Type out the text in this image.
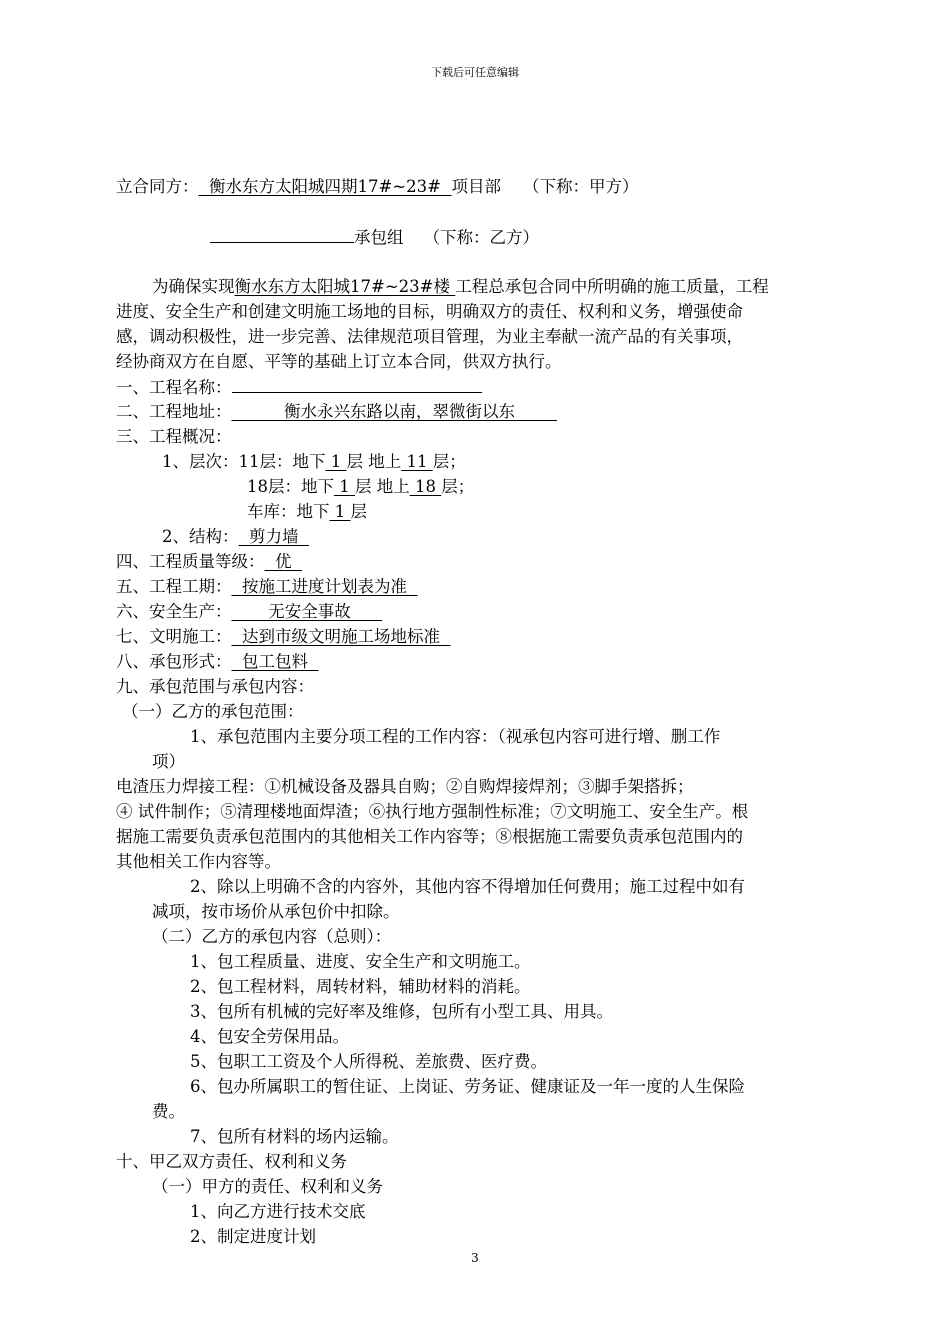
下载后可任意编辑
立合同方：  衡水东方太阳城四期17#~23#  项目部 （下称：甲方）
承包组 （下称：乙方）
为确保实现衡水东方太阳城17#~23#楼 工程总承包合同中所明确的施工质量，工程
进度、安全生产和创建文明施工场地的目标，明确双方的责任、权利和义务，增强使命
感，调动积极性，进一步完善、法律规范项目管理，为业主奉献一流产品的有关事项，
经协商双方在自愿、平等的基础上订立本合同，供双方执行。
一、工程名称：
二、工程地址：          衡水永兴东路以南，翠微街以东
三、工程概况：
1、层次：11层：地下 1 层 地上 11 层；
18层：地下 1 层 地上 18 层；
车库：地下 1 层
2、结构：  剪力墙
四、工程质量等级：  优
五、工程工期：  按施工进度计划表为准
六、安全生产：       无安全事故
七、文明施工：  达到市级文明施工场地标准
八、承包形式：  包工包料
九、承包范围与承包内容：
（一）乙方的承包范围：
1、承包范围内主要分项工程的工作内容：（视承包内容可进行增、删工作
项）
电渣压力焊接工程：①机械设备及器具自购；②自购焊接焊剂；③脚手架搭拆；
④ 试件制作；⑤清理楼地面焊渣；⑥执行地方强制性标准；⑦文明施工、安全生产。根
据施工需要负责承包范围内的其他相关工作内容等；⑧根据施工需要负责承包范围内的
其他相关工作内容等。
2、除以上明确不含的内容外，其他内容不得增加任何费用；施工过程中如有
减项，按市场价从承包价中扣除。
（二）乙方的承包内容（总则）：
1、包工程质量、进度、安全生产和文明施工。
2、包工程材料，周转材料，辅助材料的消耗。
3、包所有机械的完好率及维修，包所有小型工具、用具。
4、包安全劳保用品。
5、包职工工资及个人所得税、差旅费、医疗费。
6、包办所属职工的暂住证、上岗证、劳务证、健康证及一年一度的人生保险
费。
7、包所有材料的场内运输。
十、甲乙双方责任、权利和义务
（一）甲方的责任、权利和义务
1、向乙方进行技术交底
2、制定进度计划
3
